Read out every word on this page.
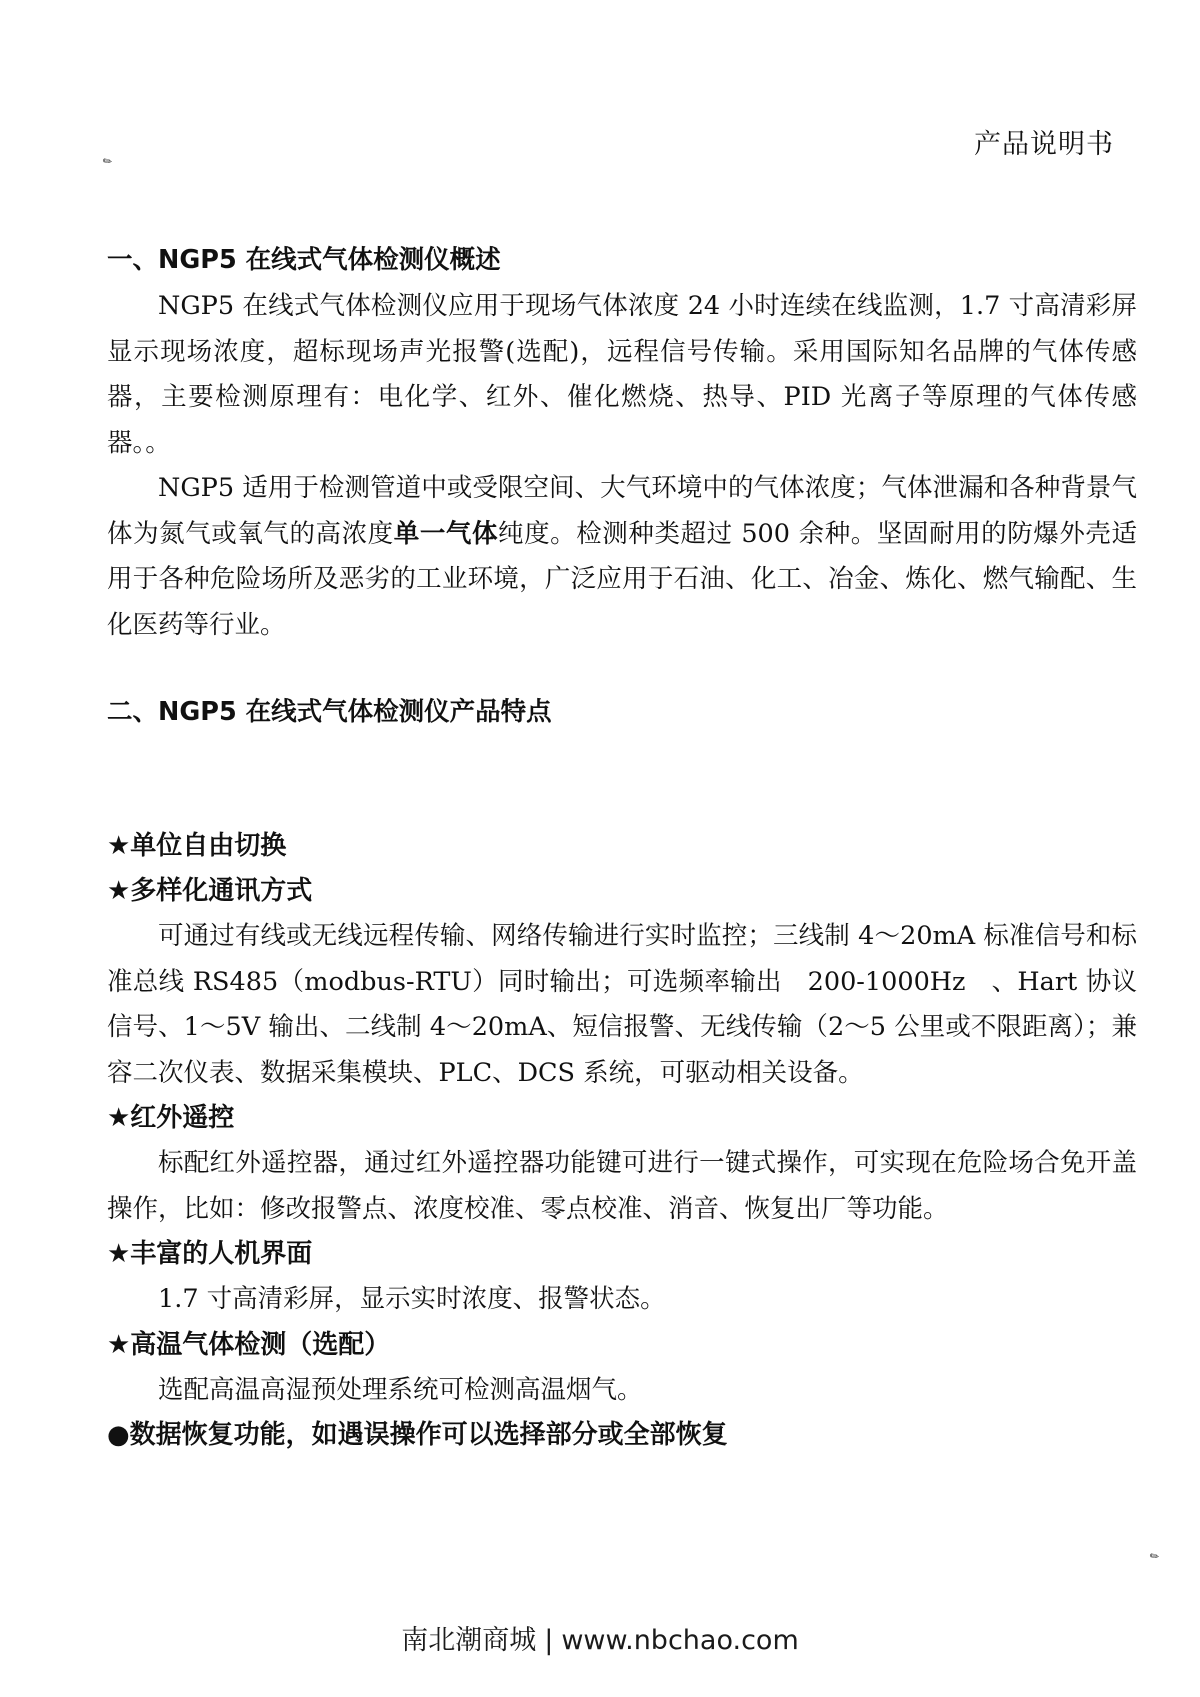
产品说明书
✎
一、NGP5 在线式气体检测仪概述

NGP5 在线式气体检测仪应用于现场气体浓度 24 小时连续在线监测，1.7 寸高清彩屏显示现场浓度，超标现场声光报警(选配)，远程信号传输。采用国际知名品牌的气体传感器，主要检测原理有：电化学、红外、催化燃烧、热导、PID 光离子等原理的气体传感器。。

NGP5 适用于检测管道中或受限空间、大气环境中的气体浓度；气体泄漏和各种背景气体为氮气或氧气的高浓度单一气体纯度。检测种类超过 500 余种。坚固耐用的防爆外壳适用于各种危险场所及恶劣的工业环境，广泛应用于石油、化工、冶金、炼化、燃气输配、生化医药等行业。

二、NGP5 在线式气体检测仪产品特点
★单位自由切换
★多样化通讯方式

可通过有线或无线远程传输、网络传输进行实时监控；三线制 4～20mA 标准信号和标准总线 RS485（modbus-RTU）同时输出；可选频率输出　200-1000Hz　、Hart 协议信号、1～5V 输出、二线制 4～20mA、短信报警、无线传输（2～5 公里或不限距离）；兼容二次仪表、数据采集模块、PLC、DCS 系统，可驱动相关设备。

★红外遥控

标配红外遥控器，通过红外遥控器功能键可进行一键式操作，可实现在危险场合免开盖操作，比如：修改报警点、浓度校准、零点校准、消音、恢复出厂等功能。

★丰富的人机界面

1.7 寸高清彩屏，显示实时浓度、报警状态。

★高温气体检测（选配）

选配高温高湿预处理系统可检测高温烟气。

●数据恢复功能，如遇误操作可以选择部分或全部恢复
✎
南北潮商城 | www.nbchao.com
